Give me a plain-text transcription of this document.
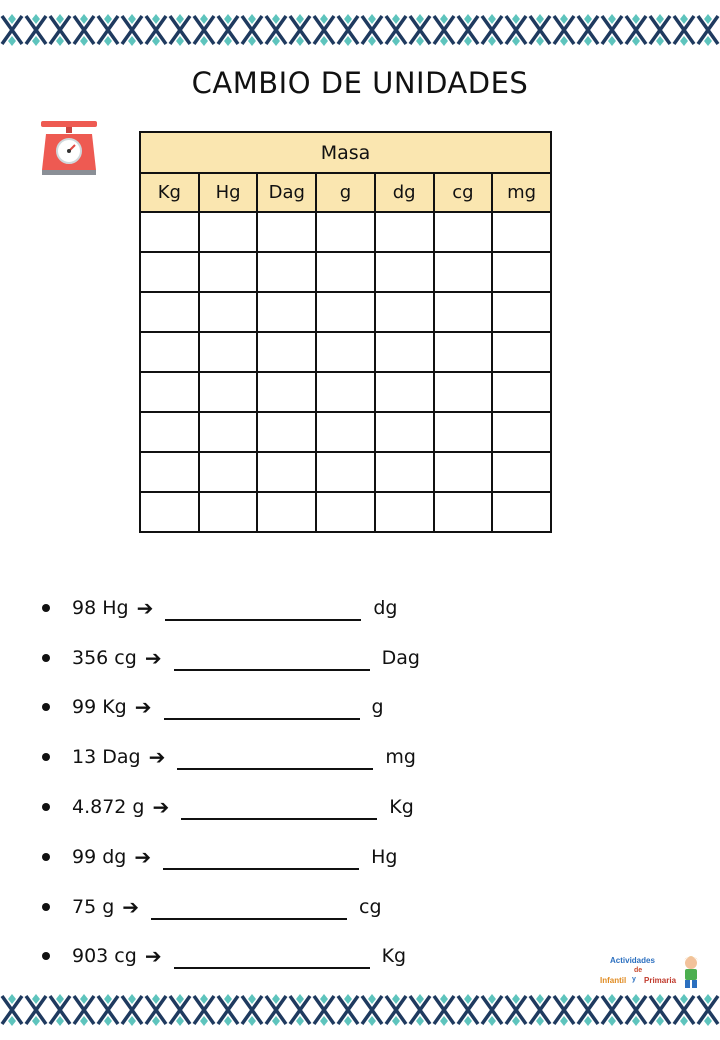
CAMBIO DE UNIDADES
Masa						
Kg	Hg	Dag	g	dg	cg	mg

98 Hg ➔	dg
356 cg ➔	Dag
99 Kg ➔	g
13 Dag ➔	mg
4.872 g ➔	Kg
99 dg ➔	Hg
75 g ➔	cg
903 cg ➔	Kg	Actividades
de
Infantil y Primaria
